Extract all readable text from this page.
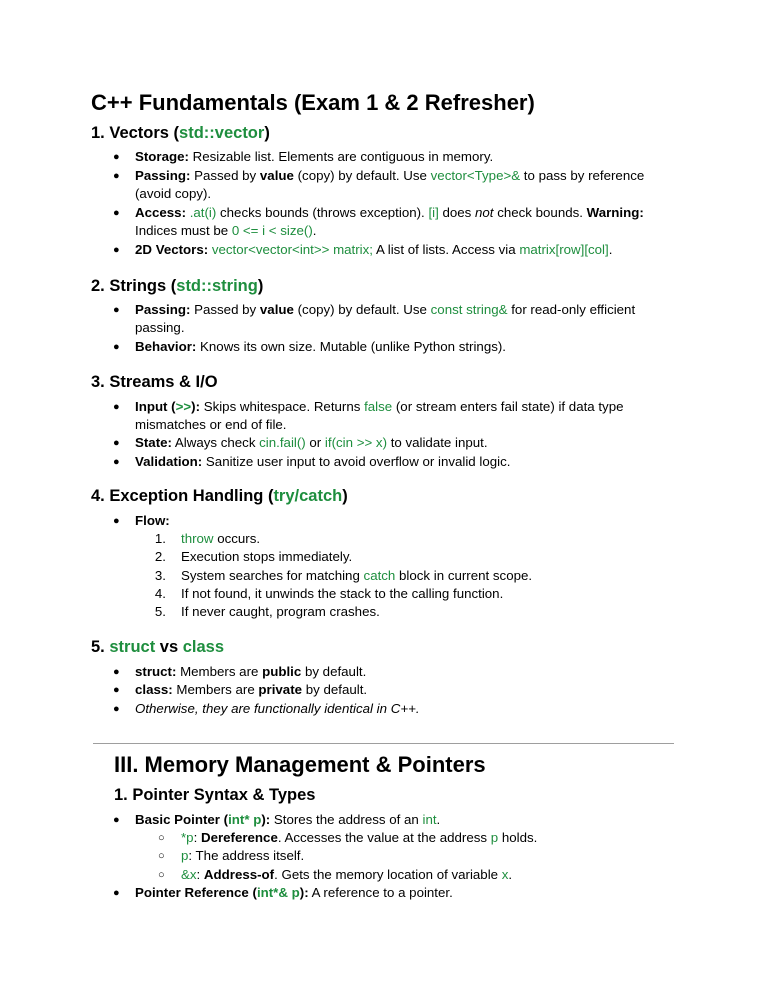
C++ Fundamentals (Exam 1 & 2 Refresher)
1. Vectors (std::vector)
● Storage: Resizable list. Elements are contiguous in memory.
● Passing: Passed by value (copy) by default. Use vector<Type>& to pass by reference
(avoid copy).
● Access: .at(i) checks bounds (throws exception). [i] does not check bounds. Warning:
Indices must be 0 <= i < size().
● 2D Vectors: vector<vector<int>> matrix; A list of lists. Access via matrix[row][col].
2. Strings (std::string)
● Passing: Passed by value (copy) by default. Use const string& for read-only efficient
passing.
● Behavior: Knows its own size. Mutable (unlike Python strings).
3. Streams & I/O
● Input (>>): Skips whitespace. Returns false (or stream enters fail state) if data type
mismatches or end of file.
● State: Always check cin.fail() or if(cin >> x) to validate input.
● Validation: Sanitize user input to avoid overflow or invalid logic.
4. Exception Handling (try/catch)
● Flow:
1. throw occurs.
2. Execution stops immediately.
3. System searches for matching catch block in current scope.
4. If not found, it unwinds the stack to the calling function.
5. If never caught, program crashes.
5. struct vs class
● struct: Members are public by default.
● class: Members are private by default.
● Otherwise, they are functionally identical in C++.
III. Memory Management & Pointers
1. Pointer Syntax & Types
● Basic Pointer (int* p): Stores the address of an int.
○ *p: Dereference. Accesses the value at the address p holds.
○ p: The address itself.
○ &x: Address-of. Gets the memory location of variable x.
● Pointer Reference (int*& p): A reference to a pointer.
